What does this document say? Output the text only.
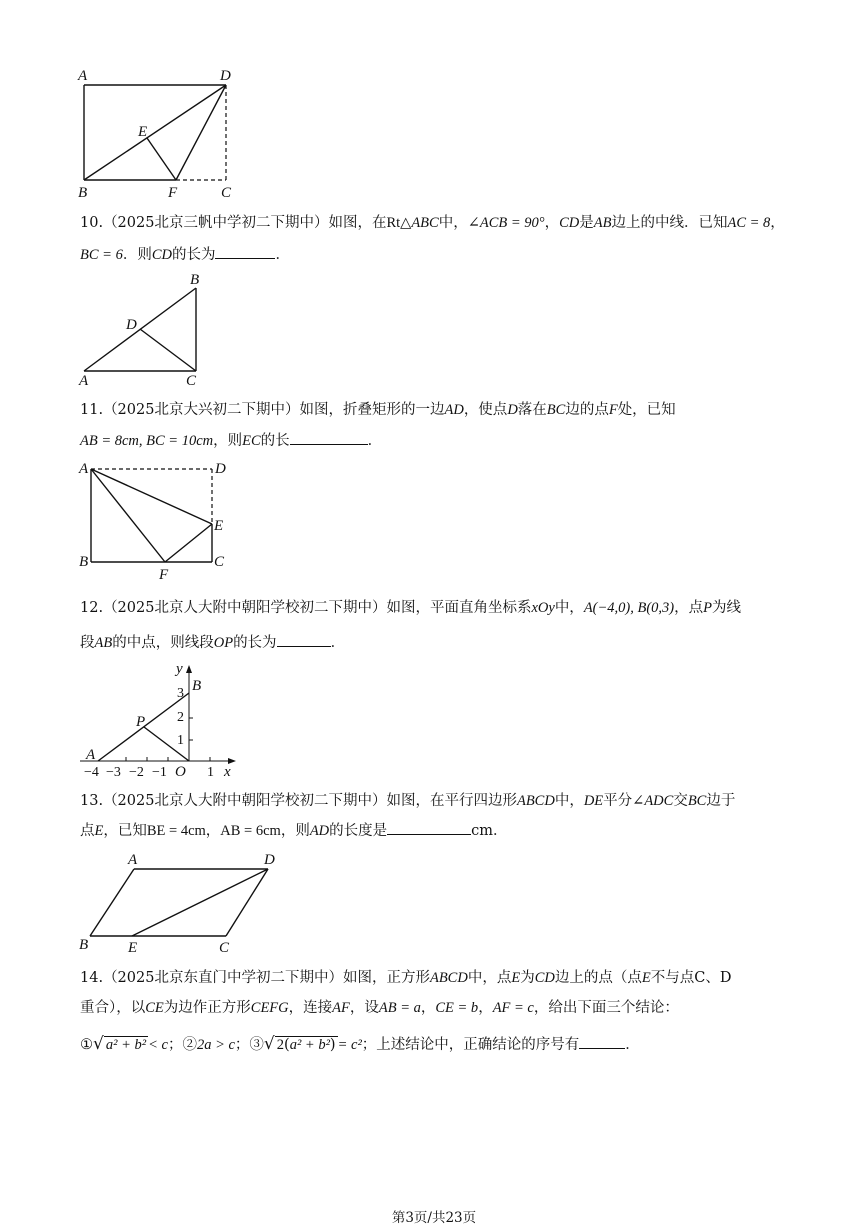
A	D
E
B	F	C
10.（2025北京三帆中学初二下期中）如图，在Rt△ABC中，∠ACB = 90°，CD是AB边上的中线．已知AC = 8，
BC = 6．则CD的长为	．
B
D
A	C
11.（2025北京大兴初二下期中）如图，折叠矩形的一边AD，使点D落在BC边的点F处，已知
AB = 8cm, BC = 10cm，则EC的长	．
A	D
E
B	C
F
12.（2025北京人大附中朝阳学校初二下期中）如图，平面直角坐标系xOy中，A(−4,0), B(0,3)，点P为线
段AB的中点，则线段OP的长为	．
y
B
P
A
O	x
3
2
1
−4 −3 −2 −1	1
13.（2025北京人大附中朝阳学校初二下期中）如图，在平行四边形ABCD中，DE平分∠ADC交BC边于
点E，已知BE = 4cm，AB = 6cm，则AD的长度是	cm．
A	D
B	E	C
14.（2025北京东直门中学初二下期中）如图，正方形ABCD中，点E为CD边上的点（点E不与点C、D
重合），以CE为边作正方形CEFG，连接AF，设AB = a，CE = b，AF = c，给出下面三个结论：
①√ a² + b² < c；②2a > c；③√ 2(a² + b²) = c²；上述结论中，正确结论的序号有	．
第3页/共23页
